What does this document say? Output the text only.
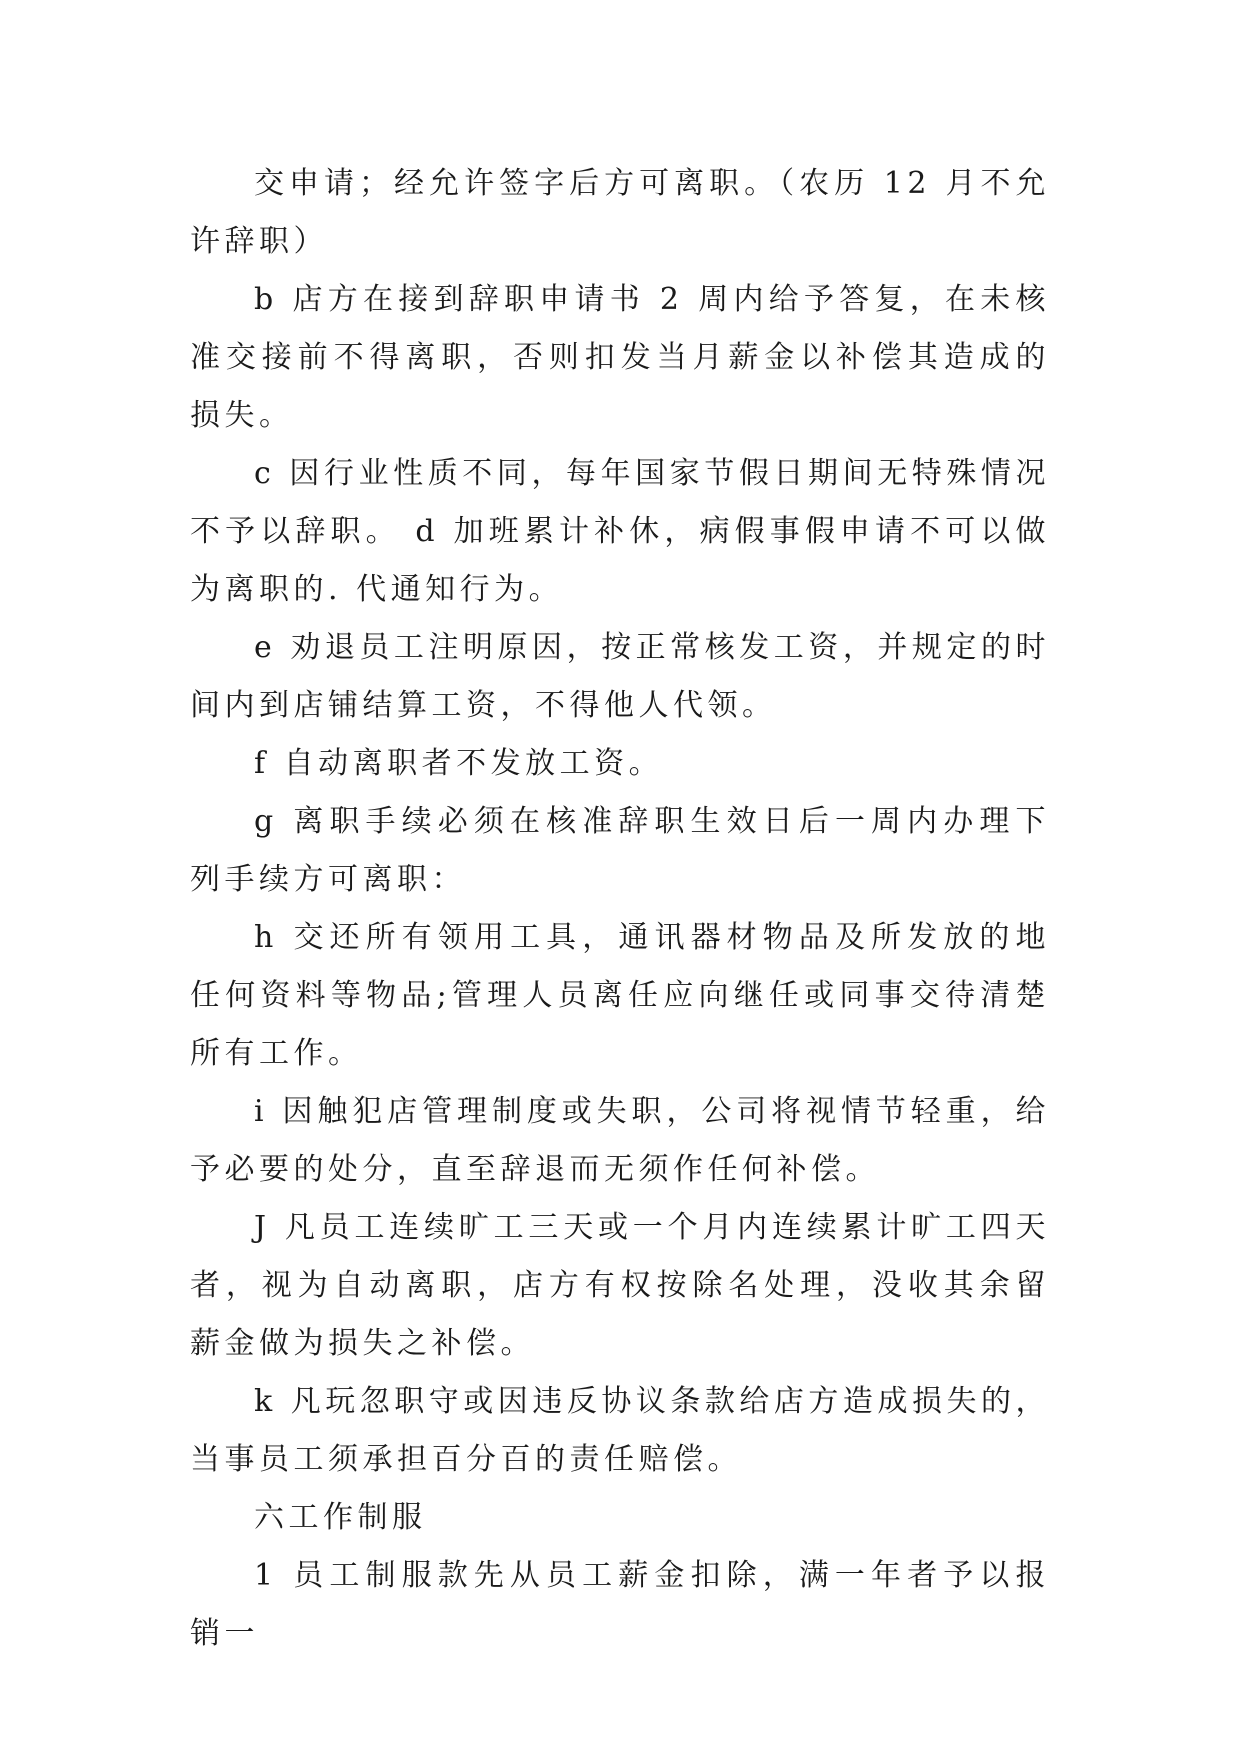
交申请；经允许签字后方可离职。（农历 12 月不允许辞职）

b 店方在接到辞职申请书 2 周内给予答复，在未核准交接前不得离职，否则扣发当月薪金以补偿其造成的损失。

c 因行业性质不同，每年国家节假日期间无特殊情况不予以辞职。 d 加班累计补休，病假事假申请不可以做为离职的. 代通知行为。

e 劝退员工注明原因，按正常核发工资，并规定的时间内到店铺结算工资，不得他人代领。

f 自动离职者不发放工资。

g 离职手续必须在核准辞职生效日后一周内办理下列手续方可离职：

h 交还所有领用工具，通讯器材物品及所发放的地任何资料等物品;管理人员离任应向继任或同事交待清楚所有工作。

i 因触犯店管理制度或失职，公司将视情节轻重，给予必要的处分，直至辞退而无须作任何补偿。

J 凡员工连续旷工三天或一个月内连续累计旷工四天者，视为自动离职，店方有权按除名处理，没收其余留薪金做为损失之补偿。

k 凡玩忽职守或因违反协议条款给店方造成损失的，当事员工须承担百分百的责任赔偿。

六工作制服

1 员工制服款先从员工薪金扣除，满一年者予以报销一
